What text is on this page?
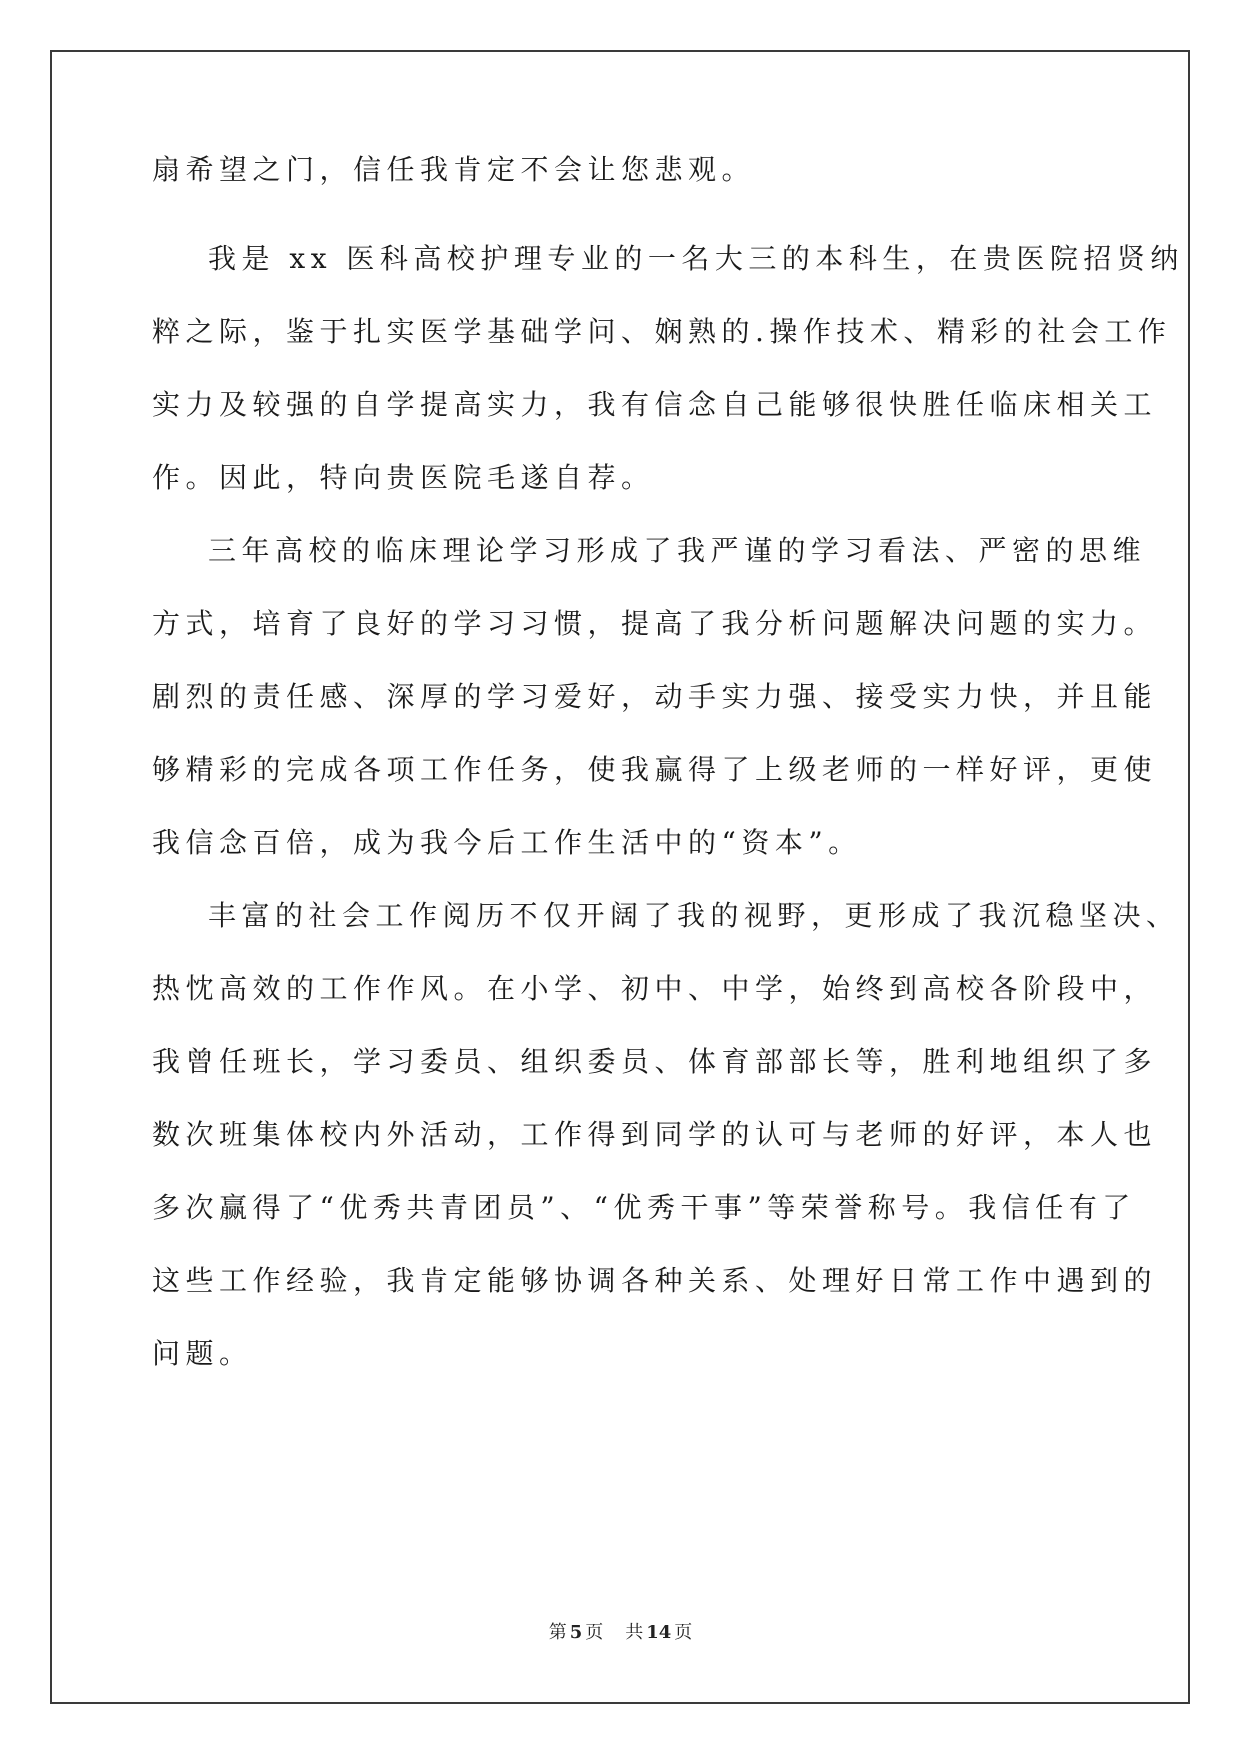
扇希望之门，信任我肯定不会让您悲观。
我是 xx 医科高校护理专业的一名大三的本科生，在贵医院招贤纳
粹之际，鉴于扎实医学基础学问、娴熟的.操作技术、精彩的社会工作
实力及较强的自学提高实力，我有信念自己能够很快胜任临床相关工
作。因此，特向贵医院毛遂自荐。
三年高校的临床理论学习形成了我严谨的学习看法、严密的思维
方式，培育了良好的学习习惯，提高了我分析问题解决问题的实力。
剧烈的责任感、深厚的学习爱好，动手实力强、接受实力快，并且能
够精彩的完成各项工作任务，使我赢得了上级老师的一样好评，更使
我信念百倍，成为我今后工作生活中的“资本”。
丰富的社会工作阅历不仅开阔了我的视野，更形成了我沉稳坚决、
热忱高效的工作作风。在小学、初中、中学，始终到高校各阶段中，
我曾任班长，学习委员、组织委员、体育部部长等，胜利地组织了多
数次班集体校内外活动，工作得到同学的认可与老师的好评，本人也
多次赢得了“优秀共青团员”、“优秀干事”等荣誉称号。我信任有了
这些工作经验，我肯定能够协调各种关系、处理好日常工作中遇到的
问题。
第 5 页 共 14 页
